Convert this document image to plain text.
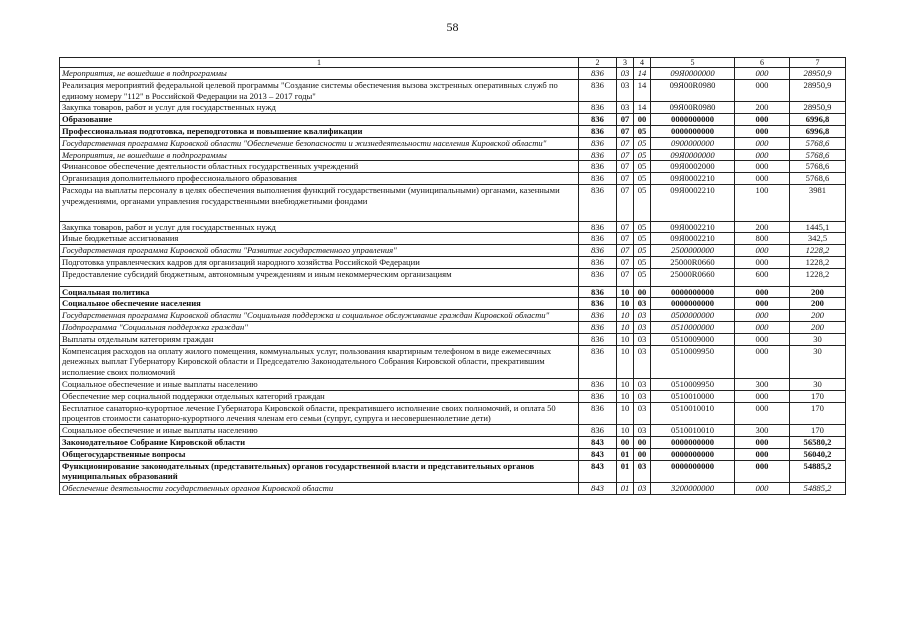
58
1	2	3	4	5	6	7
Мероприятия, не вошедшие в подпрограммы	836	03	14	09Я0000000	000	28950,9
Реализация мероприятий федеральной целевой программы "Создание системы обеспечения вызова экстренных оперативных служб по единому номеру "112" в Российской Федерации на 2013 – 2017 годы"	836	03	14	09Я00R0980	000	28950,9
Закупка товаров, работ и услуг для государственных нужд	836	03	14	09Я00R0980	200	28950,9
Образование	836	07	00	0000000000	000	6996,8
Профессиональная подготовка, переподготовка и повышение квалификации	836	07	05	0000000000	000	6996,8
Государственная программа Кировской области "Обеспечение безопасности и жизнедеятельности населения Кировской области"	836	07	05	0900000000	000	5768,6
Мероприятия, не вошедшие в подпрограммы	836	07	05	09Я0000000	000	5768,6
Финансовое обеспечение деятельности областных государственных учреждений	836	07	05	09Я0002000	000	5768,6
Организация дополнительного профессионального образования	836	07	05	09Я0002210	000	5768,6
Расходы на выплаты персоналу в целях обеспечения выполнения функций государственными (муниципальными) органами, казенными учреждениями, органами управления государственными внебюджетными фондами	836	07	05	09Я0002210	100	3981
Закупка товаров, работ и услуг для государственных нужд	836	07	05	09Я0002210	200	1445,1
Иные бюджетные ассигнования	836	07	05	09Я0002210	800	342,5
Государственная программа Кировской области "Развитие государственного управления"	836	07	05	2500000000	000	1228,2
Подготовка управленческих кадров для организаций народного хозяйства Российской Федерации	836	07	05	25000R0660	000	1228,2
Предоставление субсидий бюджетным, автономным учреждениям и иным некоммерческим организациям	836	07	05	25000R0660	600	1228,2
Социальная политика	836	10	00	0000000000	000	200
Социальное обеспечение населения	836	10	03	0000000000	000	200
Государственная программа Кировской области "Социальная поддержка и социальное обслуживание граждан Кировской области"	836	10	03	0500000000	000	200
Подпрограмма "Социальная поддержка граждан"	836	10	03	0510000000	000	200
Выплаты отдельным категориям граждан	836	10	03	0510009000	000	30
Компенсация расходов на оплату жилого помещения, коммунальных услуг, пользования квартирным телефоном в виде ежемесячных денежных выплат Губернатору Кировской области и Председателю Законодательного Собрания Кировской области, прекратившим исполнение своих полномочий	836	10	03	0510009950	000	30
Социальное обеспечение и иные выплаты населению	836	10	03	0510009950	300	30
Обеспечение мер социальной поддержки отдельных категорий граждан	836	10	03	0510010000	000	170
Бесплатное санаторно-курортное лечение Губернатора Кировской области, прекратившего исполнение своих полномочий, и оплата 50 процентов стоимости санаторно-курортного лечения членам его семьи (супруг, супруга и несовершеннолетние дети)	836	10	03	0510010010	000	170
Социальное обеспечение и иные выплаты населению	836	10	03	0510010010	300	170
Законодательное Собрание Кировской области	843	00	00	0000000000	000	56580,2
Общегосударственные вопросы	843	01	00	0000000000	000	56040,2
Функционирование законодательных (представительных) органов государственной власти и представительных органов муниципальных образований	843	01	03	0000000000	000	54885,2
Обеспечение деятельности государственных органов Кировской области	843	01	03	3200000000	000	54885,2
